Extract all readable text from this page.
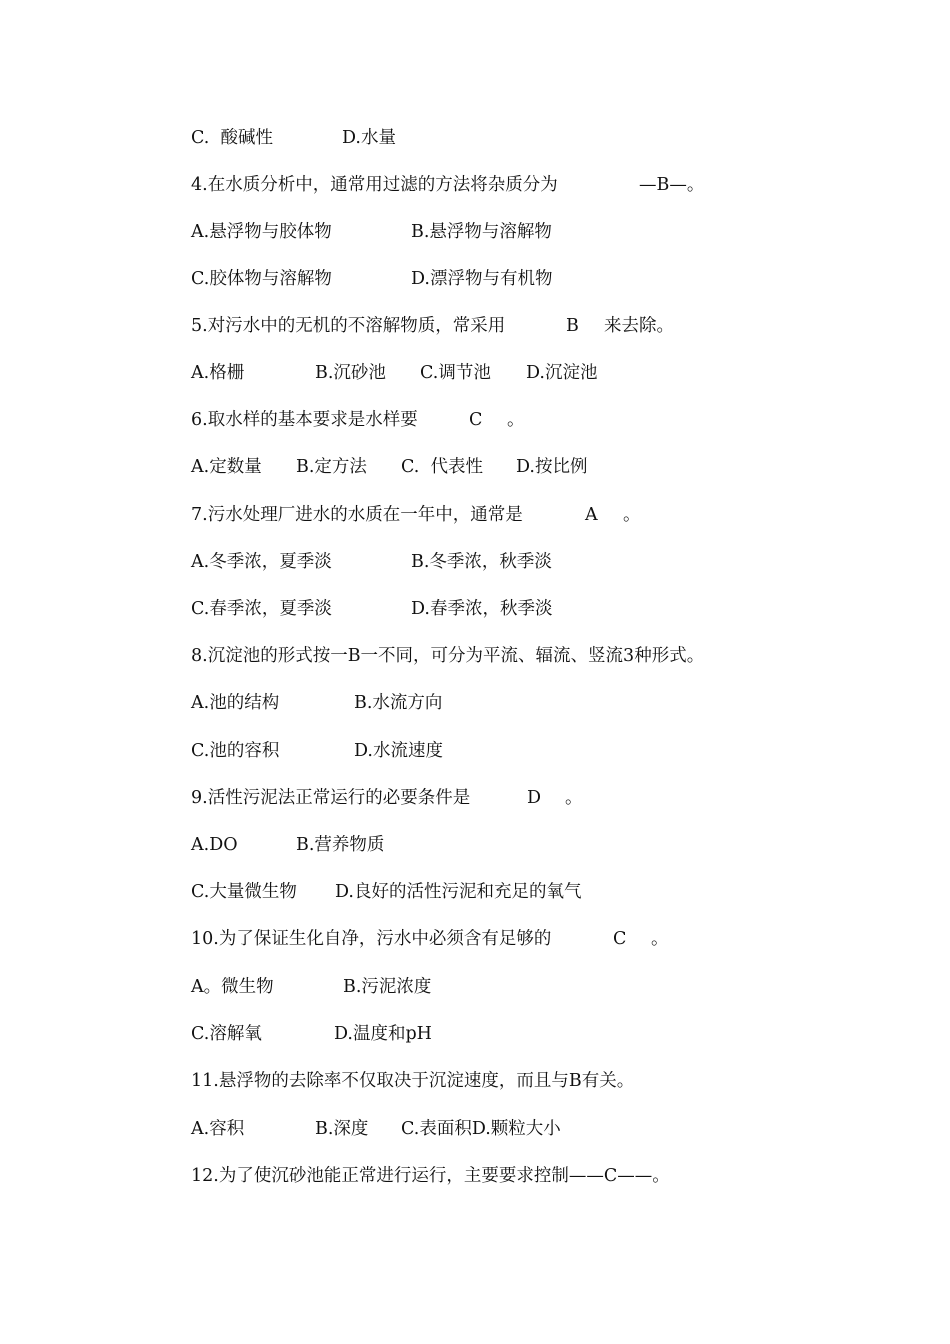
C.  酸碱性

	D.水量

4.在水质分析中，通常用过滤的方法将杂质分为

	—B—。

A.悬浮物与胶体物

	B.悬浮物与溶解物

C.胶体物与溶解物

	D.漂浮物与有机物

5.对污水中的无机的不溶解物质，常采用

	B

来去除。

A.格栅

	B.沉砂池

C.调节池

D.沉淀池

6.取水样的基本要求是水样要

	C

。

A.定数量

B.定方法

C.  代表性

D.按比例

7.污水处理厂进水的水质在一年中，通常是

	A

。

A.冬季浓，夏季淡

	B.冬季浓，秋季淡

C.春季浓，夏季淡

	D.春季浓，秋季淡

8.沉淀池的形式按一B一不同，可分为平流、辐流、竖流3种形式。

A.池的结构

	B.水流方向

C.池的容积

	D.水流速度

9.活性污泥法正常运行的必要条件是

	D

。

A.DO

	B.营养物质

C.大量微生物

D.良好的活性污泥和充足的氧气

10.为了保证生化自净，污水中必须含有足够的

	C

。

A。微生物

	B.污泥浓度

C.溶解氧

	D.温度和pH

11.悬浮物的去除率不仅取决于沉淀速度，而且与B有关。

A.容积

	B.深度

C.表面积D.颗粒大小

12.为了使沉砂池能正常进行运行，主要要求控制——C——。
